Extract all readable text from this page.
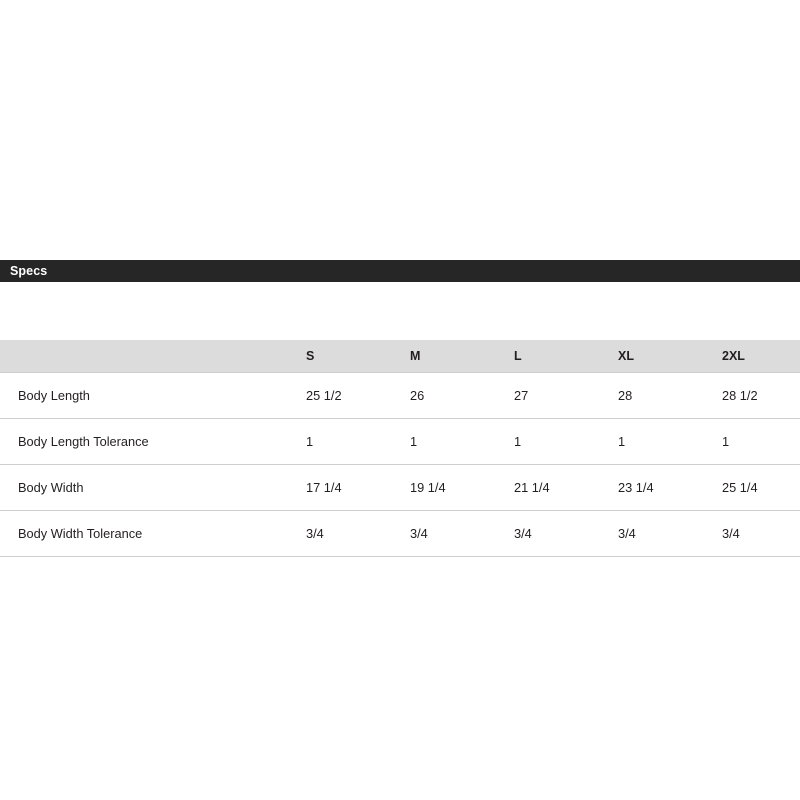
Specs
	S	M	L	XL	2XL
Body Length	25 1/2	26	27	28	28 1/2
Body Length Tolerance	1	1	1	1	1
Body Width	17 1/4	19 1/4	21 1/4	23 1/4	25 1/4
Body Width Tolerance	3/4	3/4	3/4	3/4	3/4
